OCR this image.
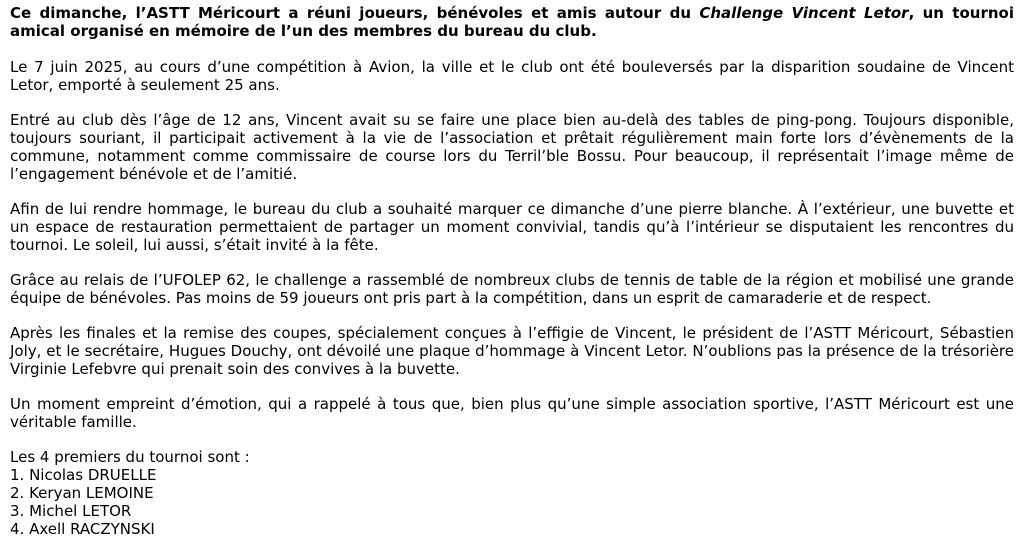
Ce dimanche, l’ASTT Méricourt a réuni joueurs, bénévoles et amis autour du Challenge Vincent Letor, un tournoi amical organisé en mémoire de l’un des membres du bureau du club.

Le 7 juin 2025, au cours d’une compétition à Avion, la ville et le club ont été bouleversés par la disparition soudaine de Vincent Letor, emporté à seulement 25 ans.

Entré au club dès l’âge de 12 ans, Vincent avait su se faire une place bien au-delà des tables de ping-pong. Toujours disponible, toujours souriant, il participait activement à la vie de l’association et prêtait régulièrement main forte lors d’évènements de la commune, notamment comme commissaire de course lors du Terril’ble Bossu. Pour beaucoup, il représentait l’image même de l’engagement bénévole et de l’amitié.

Afin de lui rendre hommage, le bureau du club a souhaité marquer ce dimanche d’une pierre blanche. À l’extérieur, une buvette et un espace de restauration permettaient de partager un moment convivial, tandis qu’à l’intérieur se disputaient les rencontres du tournoi. Le soleil, lui aussi, s’était invité à la fête.

Grâce au relais de l’UFOLEP 62, le challenge a rassemblé de nombreux clubs de tennis de table de la région et mobilisé une grande équipe de bénévoles. Pas moins de 59 joueurs ont pris part à la compétition, dans un esprit de camaraderie et de respect.

Après les finales et la remise des coupes, spécialement conçues à l’effigie de Vincent, le président de l’ASTT Méricourt, Sébastien Joly, et le secrétaire, Hugues Douchy, ont dévoilé une plaque d’hommage à Vincent Letor. N’oublions pas la présence de la trésorière Virginie Lefebvre qui prenait soin des convives à la buvette.

Un moment empreint d’émotion, qui a rappelé à tous que, bien plus qu’une simple association sportive, l’ASTT Méricourt est une véritable famille.

Les 4 premiers du tournoi sont :
1. Nicolas DRUELLE
2. Keryan LEMOINE
3. Michel LETOR
4. Axell RACZYNSKI
